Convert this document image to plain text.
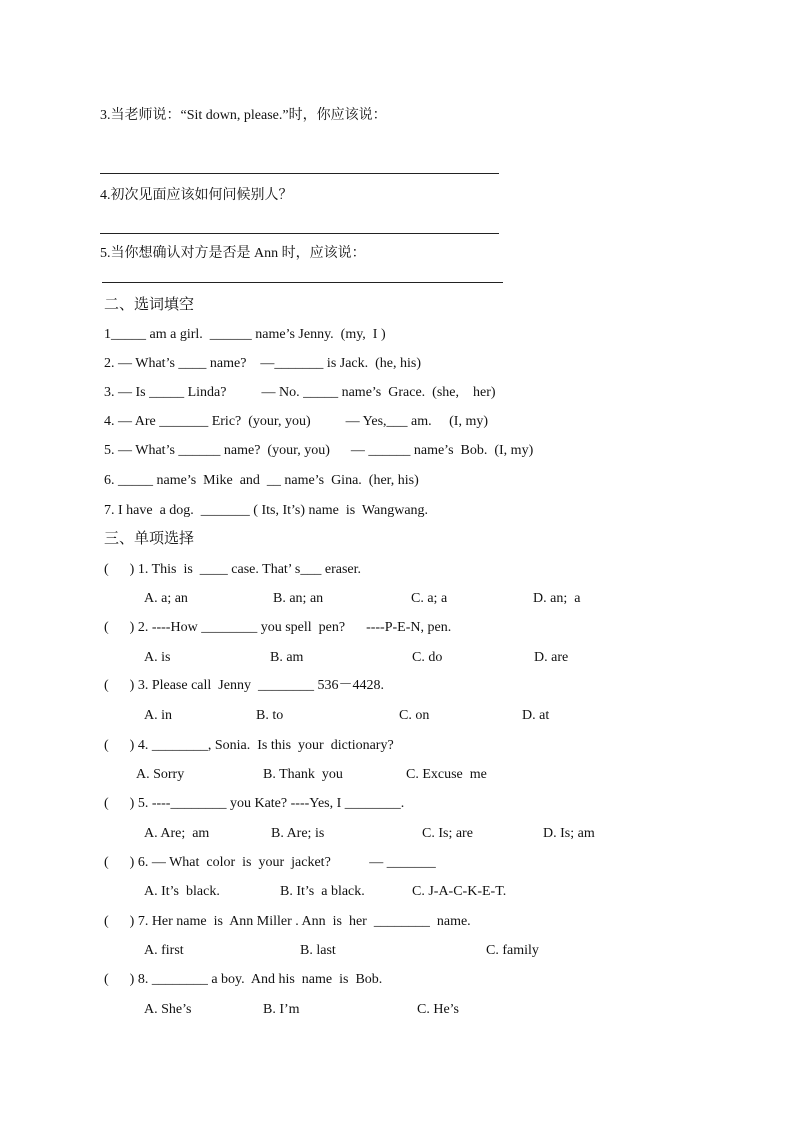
3.当老师说：“Sit down, please.”时，你应该说：
4.初次见面应该如何问候别人？
5.当你想确认对方是否是 Ann 时，应该说：
二、选词填空
1_____ am a girl.  ______ name’s Jenny.  (my,  I )
2. — What’s ____ name?    —_______ is Jack.  (he, his)
3. — Is _____ Linda?          — No. _____ name’s  Grace.  (she,    her)
4. — Are _______ Eric?  (your, you)          — Yes,___ am.     (I, my)
5. — What’s ______ name?  (your, you)      — ______ name’s  Bob.  (I, my)
6. _____ name’s  Mike  and  __ name’s  Gina.  (her, his)
7. I have  a dog.  _______ ( Its, It’s) name  is  Wangwang.
三、单项选择
(      ) 1. This  is  ____ case. That’ s___ eraser.
A. a; an	B. an; an	C. a; a	D. an;  a
(      ) 2. ----How ________ you spell  pen?      ----P-E-N, pen.
A. is	B. am	C. do	D. are
(      ) 3. Please call  Jenny  ________ 536－4428.
A. in	B. to	C. on	D. at
(      ) 4. ________, Sonia.  Is this  your  dictionary?
A. Sorry	B. Thank  you	C. Excuse  me
(      ) 5. ----________ you Kate? ----Yes, I ________.
A. Are;  am	B. Are; is	C. Is; are	D. Is; am
(      ) 6. — What  color  is  your  jacket?           — _______
A. It’s  black.	B. It’s  a black.	C. J-A-C-K-E-T.
(      ) 7. Her name  is  Ann Miller . Ann  is  her  ________  name.
A. first	B. last	C. family
(      ) 8. ________ a boy.  And his  name  is  Bob.
A. She’s	B. I’m	C. He’s
